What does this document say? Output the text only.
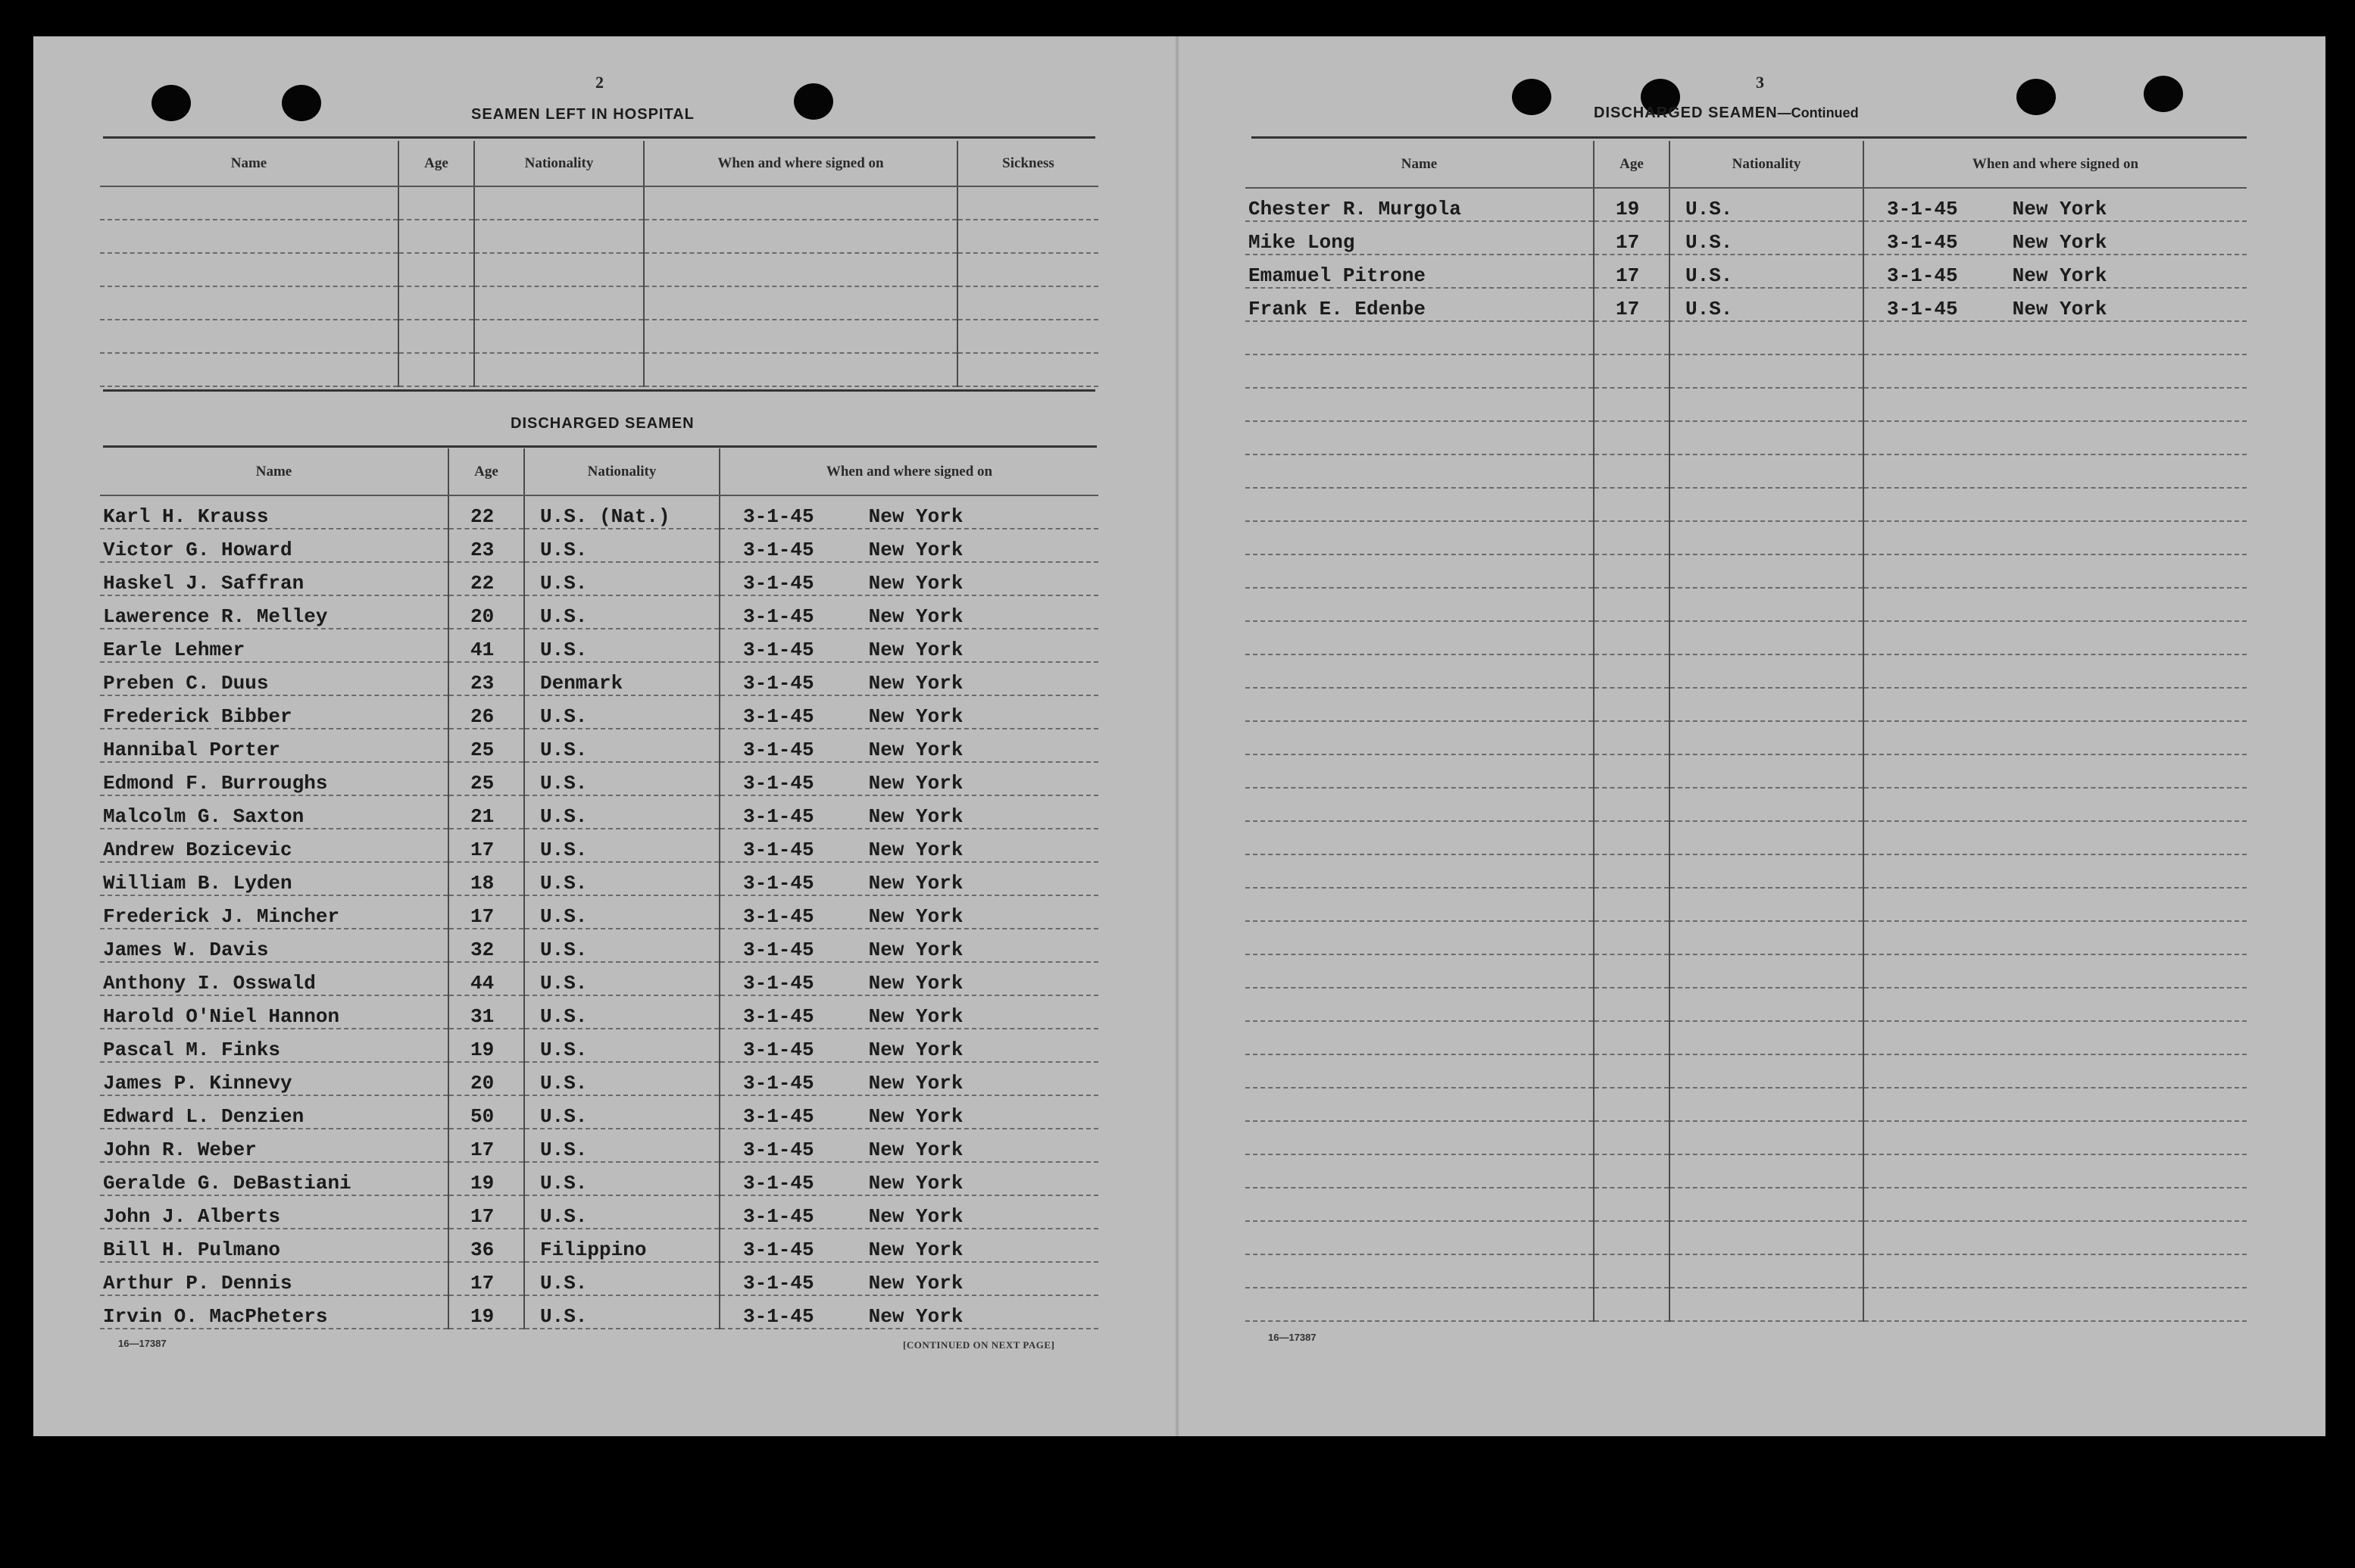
2
SEAMEN LEFT IN HOSPITAL
Name	Age	Nationality	When and where signed on	Sickness

DISCHARGED SEAMEN
Name	Age	Nationality	When and where signed on
Karl H. Krauss	22	U.S. (Nat.)	3-1-45 New York
Victor G. Howard	23	U.S.	3-1-45 New York
Haskel J. Saffran	22	U.S.	3-1-45 New York
Lawerence R. Melley	20	U.S.	3-1-45 New York
Earle Lehmer	41	U.S.	3-1-45 New York
Preben C. Duus	23	Denmark	3-1-45 New York
Frederick Bibber	26	U.S.	3-1-45 New York
Hannibal Porter	25	U.S.	3-1-45 New York
Edmond F. Burroughs	25	U.S.	3-1-45 New York
Malcolm G. Saxton	21	U.S.	3-1-45 New York
Andrew Bozicevic	17	U.S.	3-1-45 New York
William B. Lyden	18	U.S.	3-1-45 New York
Frederick J. Mincher	17	U.S.	3-1-45 New York
James W. Davis	32	U.S.	3-1-45 New York
Anthony I. Osswald	44	U.S.	3-1-45 New York
Harold O'Niel Hannon	31	U.S.	3-1-45 New York
Pascal M. Finks	19	U.S.	3-1-45 New York
James P. Kinnevy	20	U.S.	3-1-45 New York
Edward L. Denzien	50	U.S.	3-1-45 New York
John R. Weber	17	U.S.	3-1-45 New York
Geralde G. DeBastiani	19	U.S.	3-1-45 New York
John J. Alberts	17	U.S.	3-1-45 New York
Bill H. Pulmano	36	Filippino	3-1-45 New York
Arthur P. Dennis	17	U.S.	3-1-45 New York
Irvin O. MacPheters	19	U.S.	3-1-45 New York
16—17387	[CONTINUED ON NEXT PAGE]
3
DISCHARGED SEAMEN—Continued
Name	Age	Nationality	When and where signed on
Chester R. Murgola	19	U.S.	3-1-45 New York
Mike Long	17	U.S.	3-1-45 New York
Emamuel Pitrone	17	U.S.	3-1-45 New York
Frank E. Edenbe	17	U.S.	3-1-45 New York

16—17387
